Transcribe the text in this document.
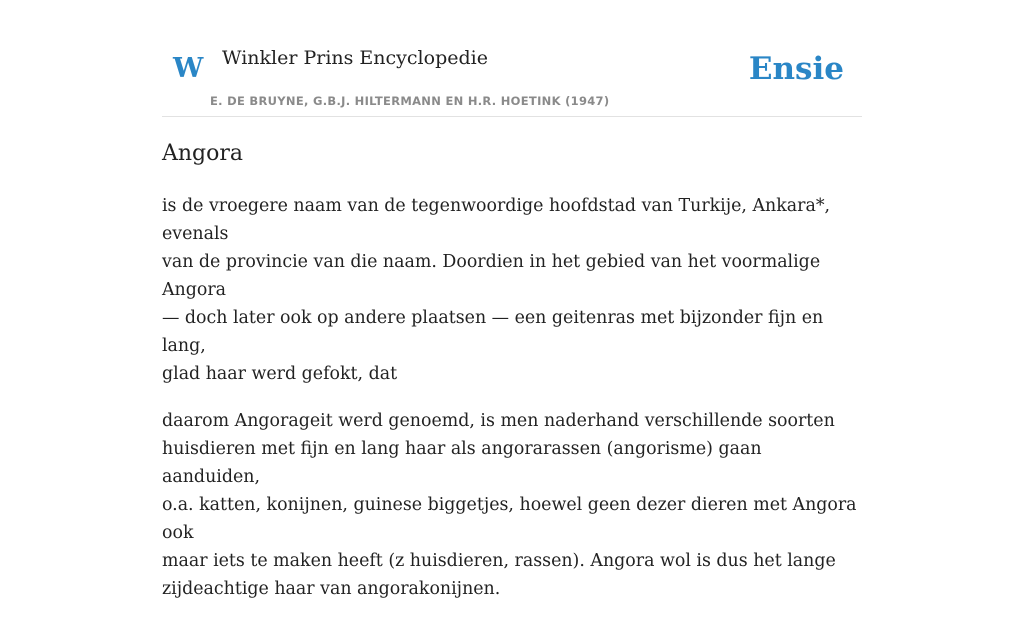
W Winkler Prins Encyclopedie
E. DE BRUYNE, G.B.J. HILTERMANN EN H.R. HOETINK (1947)
Ensie
Angora

is de vroegere naam van de tegenwoordige hoofdstad van Turkije, Ankara*, evenals
van de provincie van die naam. Doordien in het gebied van het voormalige Angora
— doch later ook op andere plaatsen — een geitenras met bijzonder fijn en lang,
glad haar werd gefokt, dat

daarom Angorageit werd genoemd, is men naderhand verschillende soorten
huisdieren met fijn en lang haar als angorarassen (angorisme) gaan aanduiden,
o.a. katten, konijnen, guinese biggetjes, hoewel geen dezer dieren met Angora ook
maar iets te maken heeft (z huisdieren, rassen). Angora wol is dus het lange
zijdeachtige haar van angorakonijnen.
